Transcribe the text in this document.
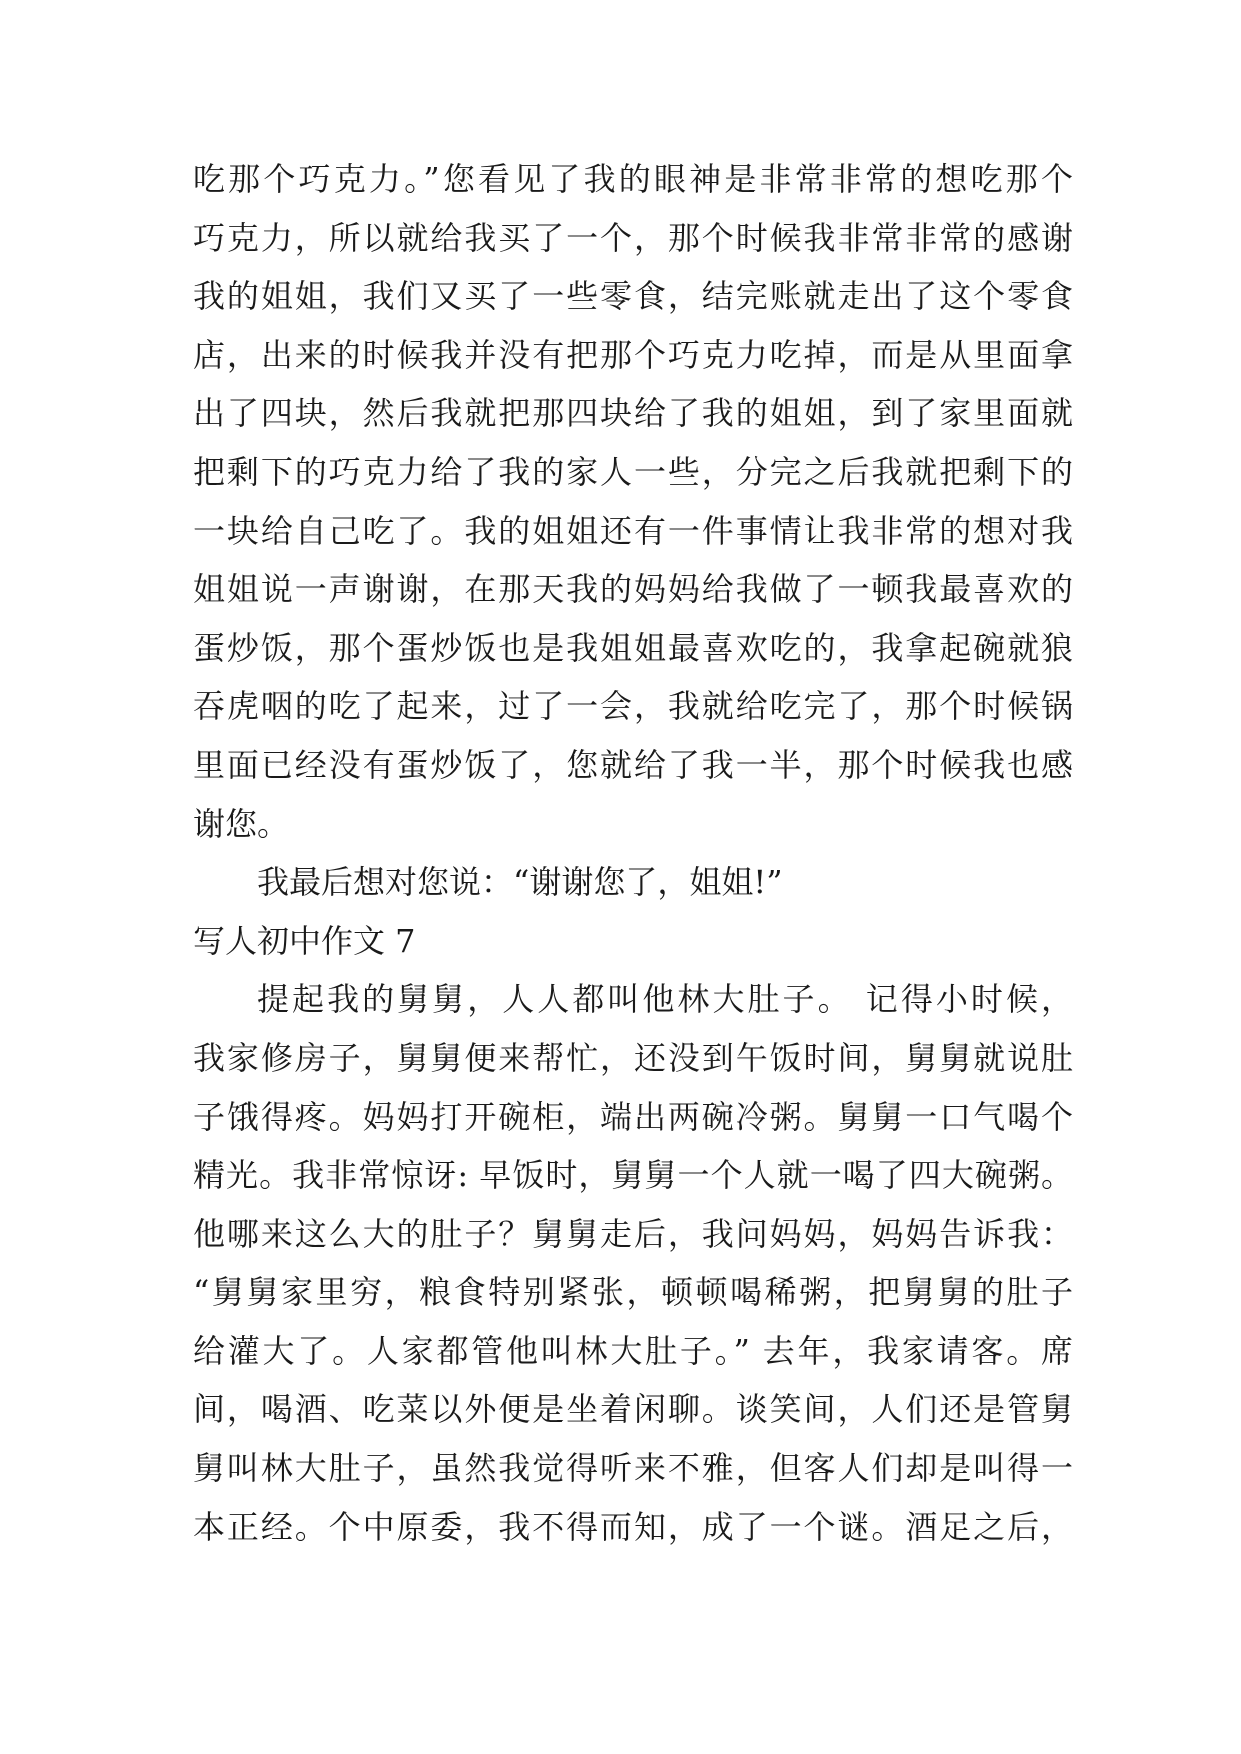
吃那个巧克力。”您看见了我的眼神是非常非常的想吃那个
巧克力，所以就给我买了一个，那个时候我非常非常的感谢
我的姐姐，我们又买了一些零食，结完账就走出了这个零食
店，出来的时候我并没有把那个巧克力吃掉，而是从里面拿
出了四块，然后我就把那四块给了我的姐姐，到了家里面就
把剩下的巧克力给了我的家人一些，分完之后我就把剩下的
一块给自己吃了。我的姐姐还有一件事情让我非常的想对我
姐姐说一声谢谢，在那天我的妈妈给我做了一顿我最喜欢的
蛋炒饭，那个蛋炒饭也是我姐姐最喜欢吃的，我拿起碗就狼
吞虎咽的吃了起来，过了一会，我就给吃完了，那个时候锅
里面已经没有蛋炒饭了，您就给了我一半，那个时候我也感
谢您。
我最后想对您说：“谢谢您了，姐姐!”
写人初中作文 7
提起我的舅舅，人人都叫他林大肚子。 记得小时候，
我家修房子，舅舅便来帮忙，还没到午饭时间，舅舅就说肚
子饿得疼。妈妈打开碗柜，端出两碗冷粥。舅舅一口气喝个
精光。我非常惊讶: 早饭时，舅舅一个人就一喝了四大碗粥。
他哪来这么大的肚子？舅舅走后，我问妈妈，妈妈告诉我：
“舅舅家里穷，粮食特别紧张，顿顿喝稀粥，把舅舅的肚子
给灌大了。人家都管他叫林大肚子。” 去年，我家请客。席
间，喝酒、吃菜以外便是坐着闲聊。谈笑间，人们还是管舅
舅叫林大肚子，虽然我觉得听来不雅，但客人们却是叫得一
本正经。个中原委，我不得而知，成了一个谜。酒足之后，
